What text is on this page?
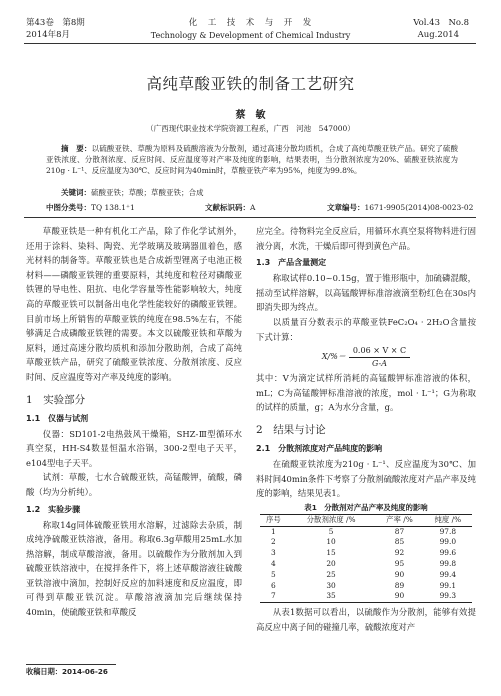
第43卷　第8期
2014年8月
化　工　技　术　与　开　发
Technology & Development of Chemical Industry
Vol.43　No.8
Aug.2014
高纯草酸亚铁的制备工艺研究
蔡　敏
（广西现代职业技术学院资源工程系，广西　河池　547000）
摘　要：以硫酸亚铁、草酸为原料及硫酸溶液为分散剂，通过高速分散均质机，合成了高纯草酸亚铁产品。研究了硫酸亚铁浓度、分散剂浓度、反应时间、反应温度等对产率及纯度的影响，结果表明，当分散剂浓度为20%、硫酸亚铁浓度为210g · L⁻¹、反应温度为30℃、反应时间为40min时，草酸亚铁产率为95%，纯度为99.8%。
关键词：硫酸亚铁；草酸；草酸亚铁；合成
中图分类号：TQ 138.1⁺1	文献标识码：A	文章编号：1671-9905(2014)08-0023-02

草酸亚铁是一种有机化工产品，除了作化学试剂外，还用于涂料、染料、陶瓷、光学玻璃及玻璃器皿着色，感光材料的制备等。草酸亚铁也是合成新型锂离子电池正极材料——磷酸亚铁锂的重要原料，其纯度和粒径对磷酸亚铁锂的导电性、阻抗、电化学容量等性能影响较大，纯度高的草酸亚铁可以制备出电化学性能较好的磷酸亚铁锂。目前市场上所销售的草酸亚铁的纯度在98.5%左右，不能够满足合成磷酸亚铁锂的需要。本文以硫酸亚铁和草酸为原料，通过高速分散均质机和添加分散助剂，合成了高纯草酸亚铁产品，研究了硫酸亚铁浓度、分散剂浓度、反应时间、反应温度等对产率及纯度的影响。

1　 实验部分
1.1　仪器与试剂

仪器：SD101-2电热鼓风干燥箱，SHZ-Ⅲ型循环水真空泵，HH-S4数显恒温水浴锅，300-2型电子天平，e104型电子天平。

试剂：草酸，七水合硫酸亚铁，高锰酸钾，硫酸，磷酸（均为分析纯）。

1.2　实验步骤

称取14g同体硫酸亚铁用水溶解，过滤除去杂质，制成纯净硫酸亚铁溶液，备用。称取6.3g草酸用25mL水加热溶解，制成草酸溶液，备用。以硫酸作为分散剂加入到硫酸亚铁溶液中，在搅拌条件下，将上述草酸溶液往硫酸亚铁溶液中滴加，控制好反应的加料速度和反应温度，即可得到草酸亚铁沉淀。草酸溶液滴加完后继续保持40min，使硫酸亚铁和草酸反

收稿日期：2014-06-26

应完全。待物料完全反应后，用循环水真空泵将物料进行固液分离，水洗，干燥后即可得到黄色产品。

1.3　产品含量测定

称取试样0.10~0.15g，置于锥形瓶中，加硫磷混酸，摇动至试样溶解，以高锰酸钾标准溶液滴至粉红色在30s内即消失即为终点。

以质量百分数表示的草酸亚铁FeC₂O₄ · 2H₂O含量按下式计算：

$X/\%= \frac{0.06 \times V \times C}{G-A}$

其中：V为滴定试样所消耗的高锰酸钾标准溶液的体积，mL；C为高锰酸钾标准溶液的浓度，mol · L⁻¹；G为称取的试样的质量，g；A为水分含量，g。

2　 结果与讨论
2.1　分散剂浓度对产品纯度的影响

在硫酸亚铁浓度为210g · L⁻¹、反应温度为30℃、加料时间40min条件下考察了分散剂硫酸浓度对产品产率及纯度的影响，结果见表1。

表1　分散剂对产品产率及纯度的影响
序号	分散剂浓度 /%	产率 /%	纯度 /%
1	5	87	97.8
2	10	85	99.0
3	15	92	99.6
4	20	95	99.8
5	25	90	99.4
6	30	89	99.1
7	35	90	99.3

从表1数据可以看出，以硫酸作为分散剂，能够有效提高反应中离子间的碰撞几率，硫酸浓度对产
